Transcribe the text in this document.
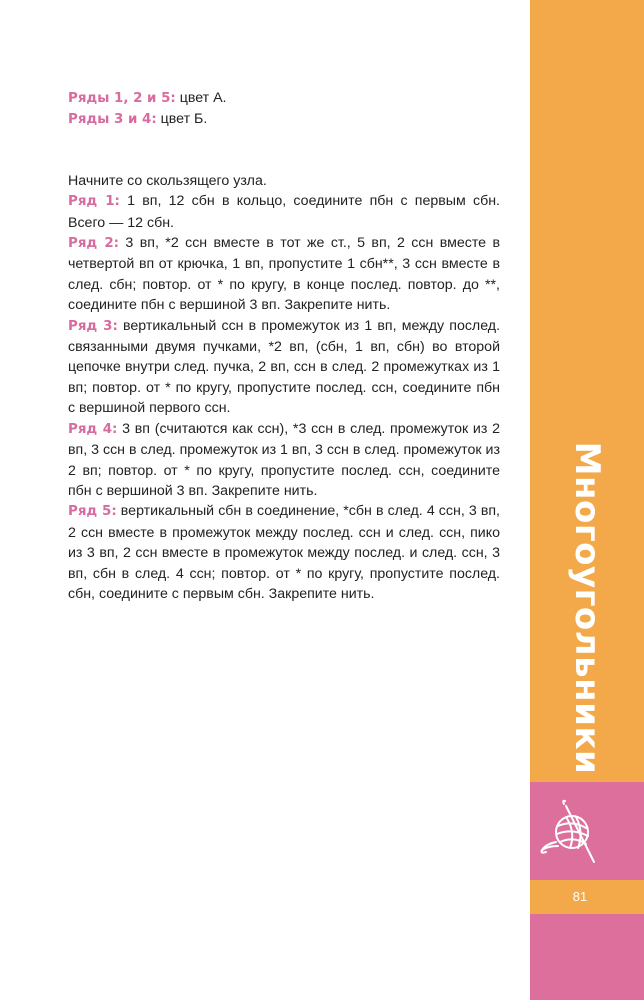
Ряды 1, 2 и 5: цвет А.

Ряды 3 и 4: цвет Б.

Начните со скользящего узла.

Ряд 1: 1 вп, 12 сбн в кольцо, соедините пбн с первым сбн. Всего — 12 сбн.

Ряд 2: 3 вп, *2 ссн вместе в тот же ст., 5 вп, 2 ссн вместе в четвертой вп от крючка, 1 вп, пропустите 1 сбн**, 3 ссн вместе в след. сбн; повтор. от * по кругу, в конце послед. повтор. до **, соедините пбн с вершиной 3 вп. Закрепите нить.

Ряд 3: вертикальный ссн в промежуток из 1 вп, между послед. связанными двумя пучками, *2 вп, (сбн, 1 вп, сбн) во второй цепочке внутри след. пучка, 2 вп, ссн в след. 2 промежутках из 1 вп; повтор. от * по кругу, пропустите послед. ссн, соедините пбн с вершиной первого ссн.

Ряд 4: 3 вп (считаются как ссн), *3 ссн в след. промежуток из 2 вп, 3 ссн в след. промежуток из 1 вп, 3 ссн в след. промежуток из 2 вп; повтор. от * по кругу, пропустите послед. ссн, соедините пбн с вершиной 3 вп. Закрепите нить.

Ряд 5: вертикальный сбн в соединение, *сбн в след. 4 ссн, 3 вп, 2 ссн вместе в промежуток между послед. ссн и след. ссн, пико из 3 вп, 2 ссн вместе в промежуток между послед. и след. ссн, 3 вп, сбн в след. 4 ссн; повтор. от * по кругу, пропустите послед. сбн, соедините с первым сбн. Закрепите нить.	Многоугольники
81
